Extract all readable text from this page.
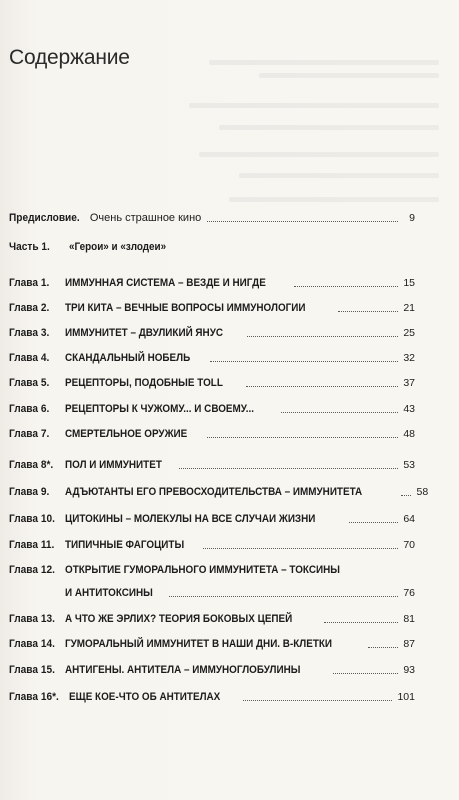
Содержание
Предисловие. Очень страшное кино	9
Часть 1.	«Герои» и «злодеи»
Глава 1.	ИММУННАЯ СИСТЕМА – ВЕЗДЕ И НИГДЕ	15
Глава 2.	ТРИ КИТА – ВЕЧНЫЕ ВОПРОСЫ ИММУНОЛОГИИ	21
Глава 3.	ИММУНИТЕТ – ДВУЛИКИЙ ЯНУС	25
Глава 4.	СКАНДАЛЬНЫЙ НОБЕЛЬ	32
Глава 5.	РЕЦЕПТОРЫ, ПОДОБНЫЕ TOLL	37
Глава 6.	РЕЦЕПТОРЫ К ЧУЖОМУ... И СВОЕМУ...	43
Глава 7.	СМЕРТЕЛЬНОЕ ОРУЖИЕ	48
Глава 8*.	ПОЛ И ИММУНИТЕТ	53
Глава 9.	АДЪЮТАНТЫ ЕГО ПРЕВОСХОДИТЕЛЬСТВА – ИММУНИТЕТА	58
Глава 10. ЦИТОКИНЫ – МОЛЕКУЛЫ НА ВСЕ СЛУЧАИ ЖИЗНИ	64
Глава 11. ТИПИЧНЫЕ ФАГОЦИТЫ	70
Глава 12. ОТКРЫТИЕ ГУМОРАЛЬНОГО ИММУНИТЕТА – ТОКСИНЫ
И АНТИТОКСИНЫ	76
Глава 13. А ЧТО ЖЕ ЭРЛИХ? ТЕОРИЯ БОКОВЫХ ЦЕПЕЙ	81
Глава 14. ГУМОРАЛЬНЫЙ ИММУНИТЕТ В НАШИ ДНИ. B-КЛЕТКИ	87
Глава 15. АНТИГЕНЫ. АНТИТЕЛА – ИММУНОГЛОБУЛИНЫ	93
Глава 16*. ЕЩЕ КОЕ-ЧТО ОБ АНТИТЕЛАХ	101
